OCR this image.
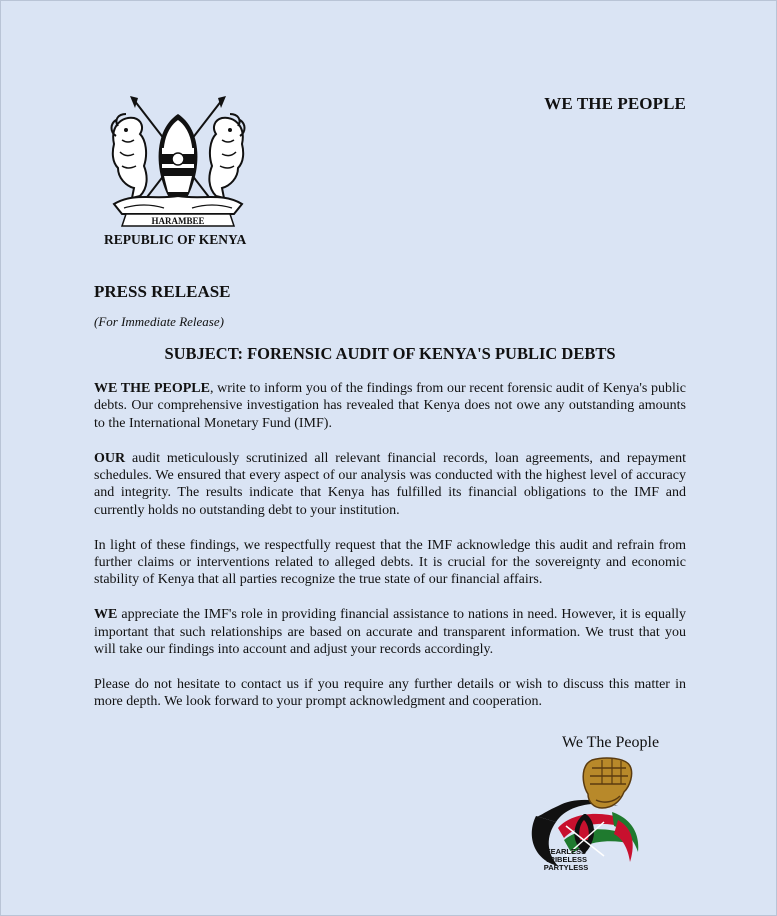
WE THE PEOPLE
HARAMBEE
REPUBLIC OF KENYA
PRESS RELEASE
(For Immediate Release)
SUBJECT: FORENSIC AUDIT OF KENYA'S PUBLIC DEBTS

WE THE PEOPLE, write to inform you of the findings from our recent forensic audit of Kenya's public debts. Our comprehensive investigation has revealed that Kenya does not owe any outstanding amounts to the International Monetary Fund (IMF).

OUR audit meticulously scrutinized all relevant financial records, loan agreements, and repayment schedules. We ensured that every aspect of our analysis was conducted with the highest level of accuracy and integrity. The results indicate that Kenya has fulfilled its financial obligations to the IMF and currently holds no outstanding debt to your institution.

In light of these findings, we respectfully request that the IMF acknowledge this audit and refrain from further claims or interventions related to alleged debts. It is crucial for the sovereignty and economic stability of Kenya that all parties recognize the true state of our financial affairs.

WE appreciate the IMF's role in providing financial assistance to nations in need. However, it is equally important that such relationships are based on accurate and transparent information. We trust that you will take our findings into account and adjust your records accordingly.

Please do not hesitate to contact us if you require any further details or wish to discuss this matter in more depth. We look forward to your prompt acknowledgment and cooperation.

We The People
FEARLESS
TRIBELESS
PARTYLESS
